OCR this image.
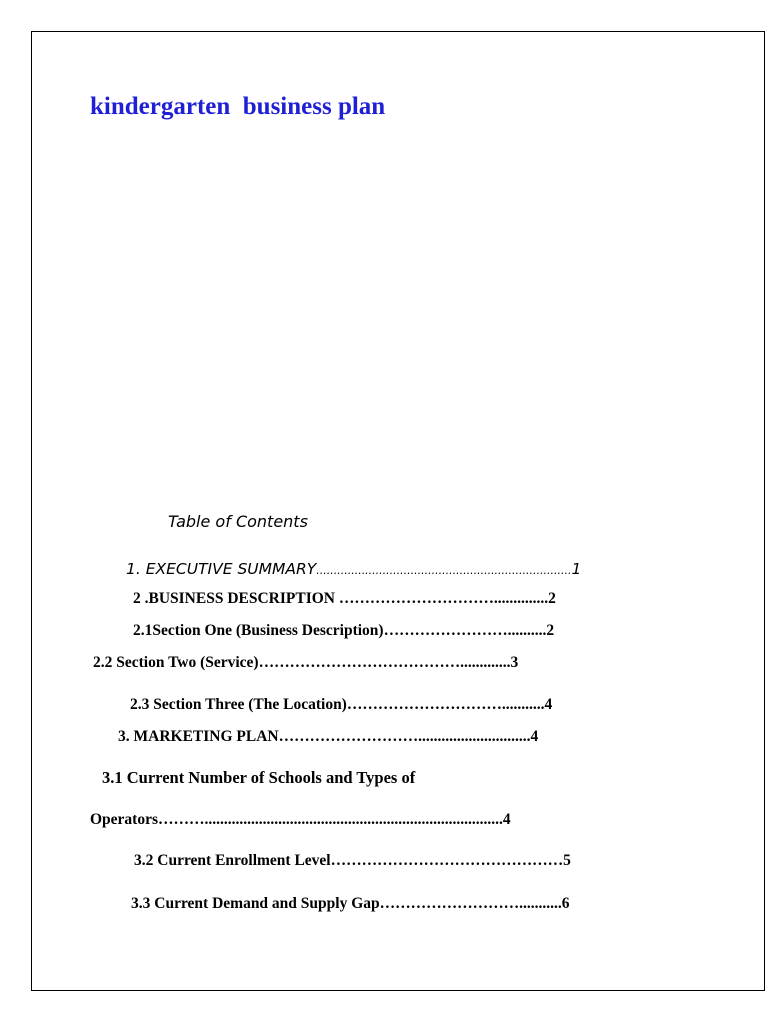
kindergarten  business plan
Table of Contents
1. EXECUTIVE SUMMARY.........................................................................1
2 .BUSINESS DESCRIPTION …………………………..............2
2.1Section One (Business Description)……………………..........2
2.2 Section Two (Service)………………………………….............3
2.3 Section Three (The Location)…………………………...........4
3. MARKETING PLAN……………………….............................4
3.1 Current Number of Schools and Types of
Operators……….............................................................................4
3.2 Current Enrollment Level………………………………………5
3.3 Current Demand and Supply Gap………………………...........6
